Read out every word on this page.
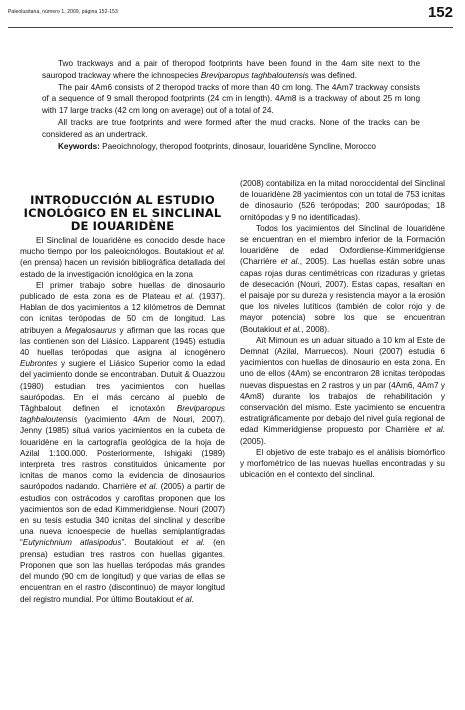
Paleolusitana, número 1, 2009, página 152-153	152

Two trackways and a pair of theropod footprints have been found in the 4am site next to the sauropod trackway where the ichnospecies Breviparopus taghbaloutensis was defined.

The pair 4Am6 consists of 2 theropod tracks of more than 40 cm long. The 4Am7 trackway consists of a sequence of 9 small theropod footprints (24 cm in length). 4Am8 is a trackway of about 25 m long with 17 large tracks (42 cm long on average) out of a total of 24.

All tracks are true footprints and were formed after the mud cracks. None of the tracks can be considered as an undertrack.

Keywords: Paeoichnology, theropod footprints, dinosaur, Iouaridène Syncline, Morocco

INTRODUCCIÓN AL ESTUDIO ICNOLÓGICO EN EL SINCLINAL DE IOUARIDÈNE

El Sinclinal de Iouaridène es conocido desde hace mucho tiempo por los paleoicnólogos. Boutakiout et al. (en prensa) hacen un revisión bibliográfica detallada del estado de la investigación icnológica en la zona

El primer trabajo sobre huellas de dinosaurio publicado de esta zona es de Plateau et al. (1937). Hablan de dos yacimientos a 12 kilómetros de Demnat con icnitas terópodas de 50 cm de longitud. Las atribuyen a Megalosaurus y afirman que las rocas que las contienen son del Liásico. Lapparent (1945) estudia 40 huellas terópodas que asigna al icnogénero Eubrontes y sugiere el Liásico Superior como la edad del yacimiento donde se encontraban. Dutuit & Ouazzou (1980) estudian tres yacimientos con huellas saurópodas. En el más cercano al pueblo de Tâghbalout definen el icnotaxón Breviparopus taghbaloutensis (yacimiento 4Am de Nouri, 2007). Jenny (1985) situá varios yacimientos en la cubeta de Iouaridène en la cartografía geológica de la hoja de Azilal 1:100.000. Posteriormente, Ishigaki (1989) interpreta tres rastros constituidos únicamente por icnitas de manos como la evidencia de dinosaurios saurópodos nadando. Charrière et al. (2005) a partir de estudios con ostrácodos y carofitas proponen que los yacimientos son de edad Kimmeridgiense. Nouri (2007) en su tesis estudia 340 icnitas del sinclinal y describe una nueva icnoespecie de huellas semiplantígradas “Eutynichnium atlasipodus”. Boutakiout et al. (en prensa) estudian tres rastros con huellas gigantes. Proponen que son las huellas terópodas más grandes del mundo (90 cm de longitud) y que varias de ellas se encuentran en el rastro (discontinuo) de mayor longitud del registro mundial. Por último Boutakiout et al.

(2008) contabiliza en la mitad noroccidental del Sinclinal de Iouaridène 28 yacimientos con un total de 753 icnitas de dinosaurio (526 terópodas; 200 saurópodas; 18 ornitópodas y 9 no identificadas).

Todos los yacimientos del Sinclinal de Iouaridène se encuentran en el miembro inferior de la Formación Iouaridène de edad Oxfordiense-Kimmeridgiense (Charrière et al., 2005). Las huellas están sobre unas capas rojas duras centimétricas con rizaduras y grietas de desecación (Nouri, 2007). Estas capas, resaltan en el paisaje por su dureza y resistencia mayor a la erosión que los niveles lutíticos (también de color rojo y de mayor potencia) sobre los que se encuentran (Boutakiout et al., 2008).

Aït Mimoun es un aduar situado a 10 km al Este de Demnat (Azilal, Marruecos). Nouri (2007) estudia 6 yacimientos con huellas de dinosaurio en esta zona. En uno de ellos (4Am) se encontraron 28 icnitas terópodas nuevas dispuestas en 2 rastros y un par (4Am6, 4Am7 y 4Am8) durante los trabajos de rehabilitación y conservación del mismo. Este yacimiento se encuentra estratigráficamente por debajo del nivel guía regional de edad Kimmeridgiense propuesto por Charrière et al. (2005).

El objetivo de este trabajo es el análisis biomórfico y morfométrico de las nuevas huellas encontradas y su ubicación en el contexto del sinclinal.
